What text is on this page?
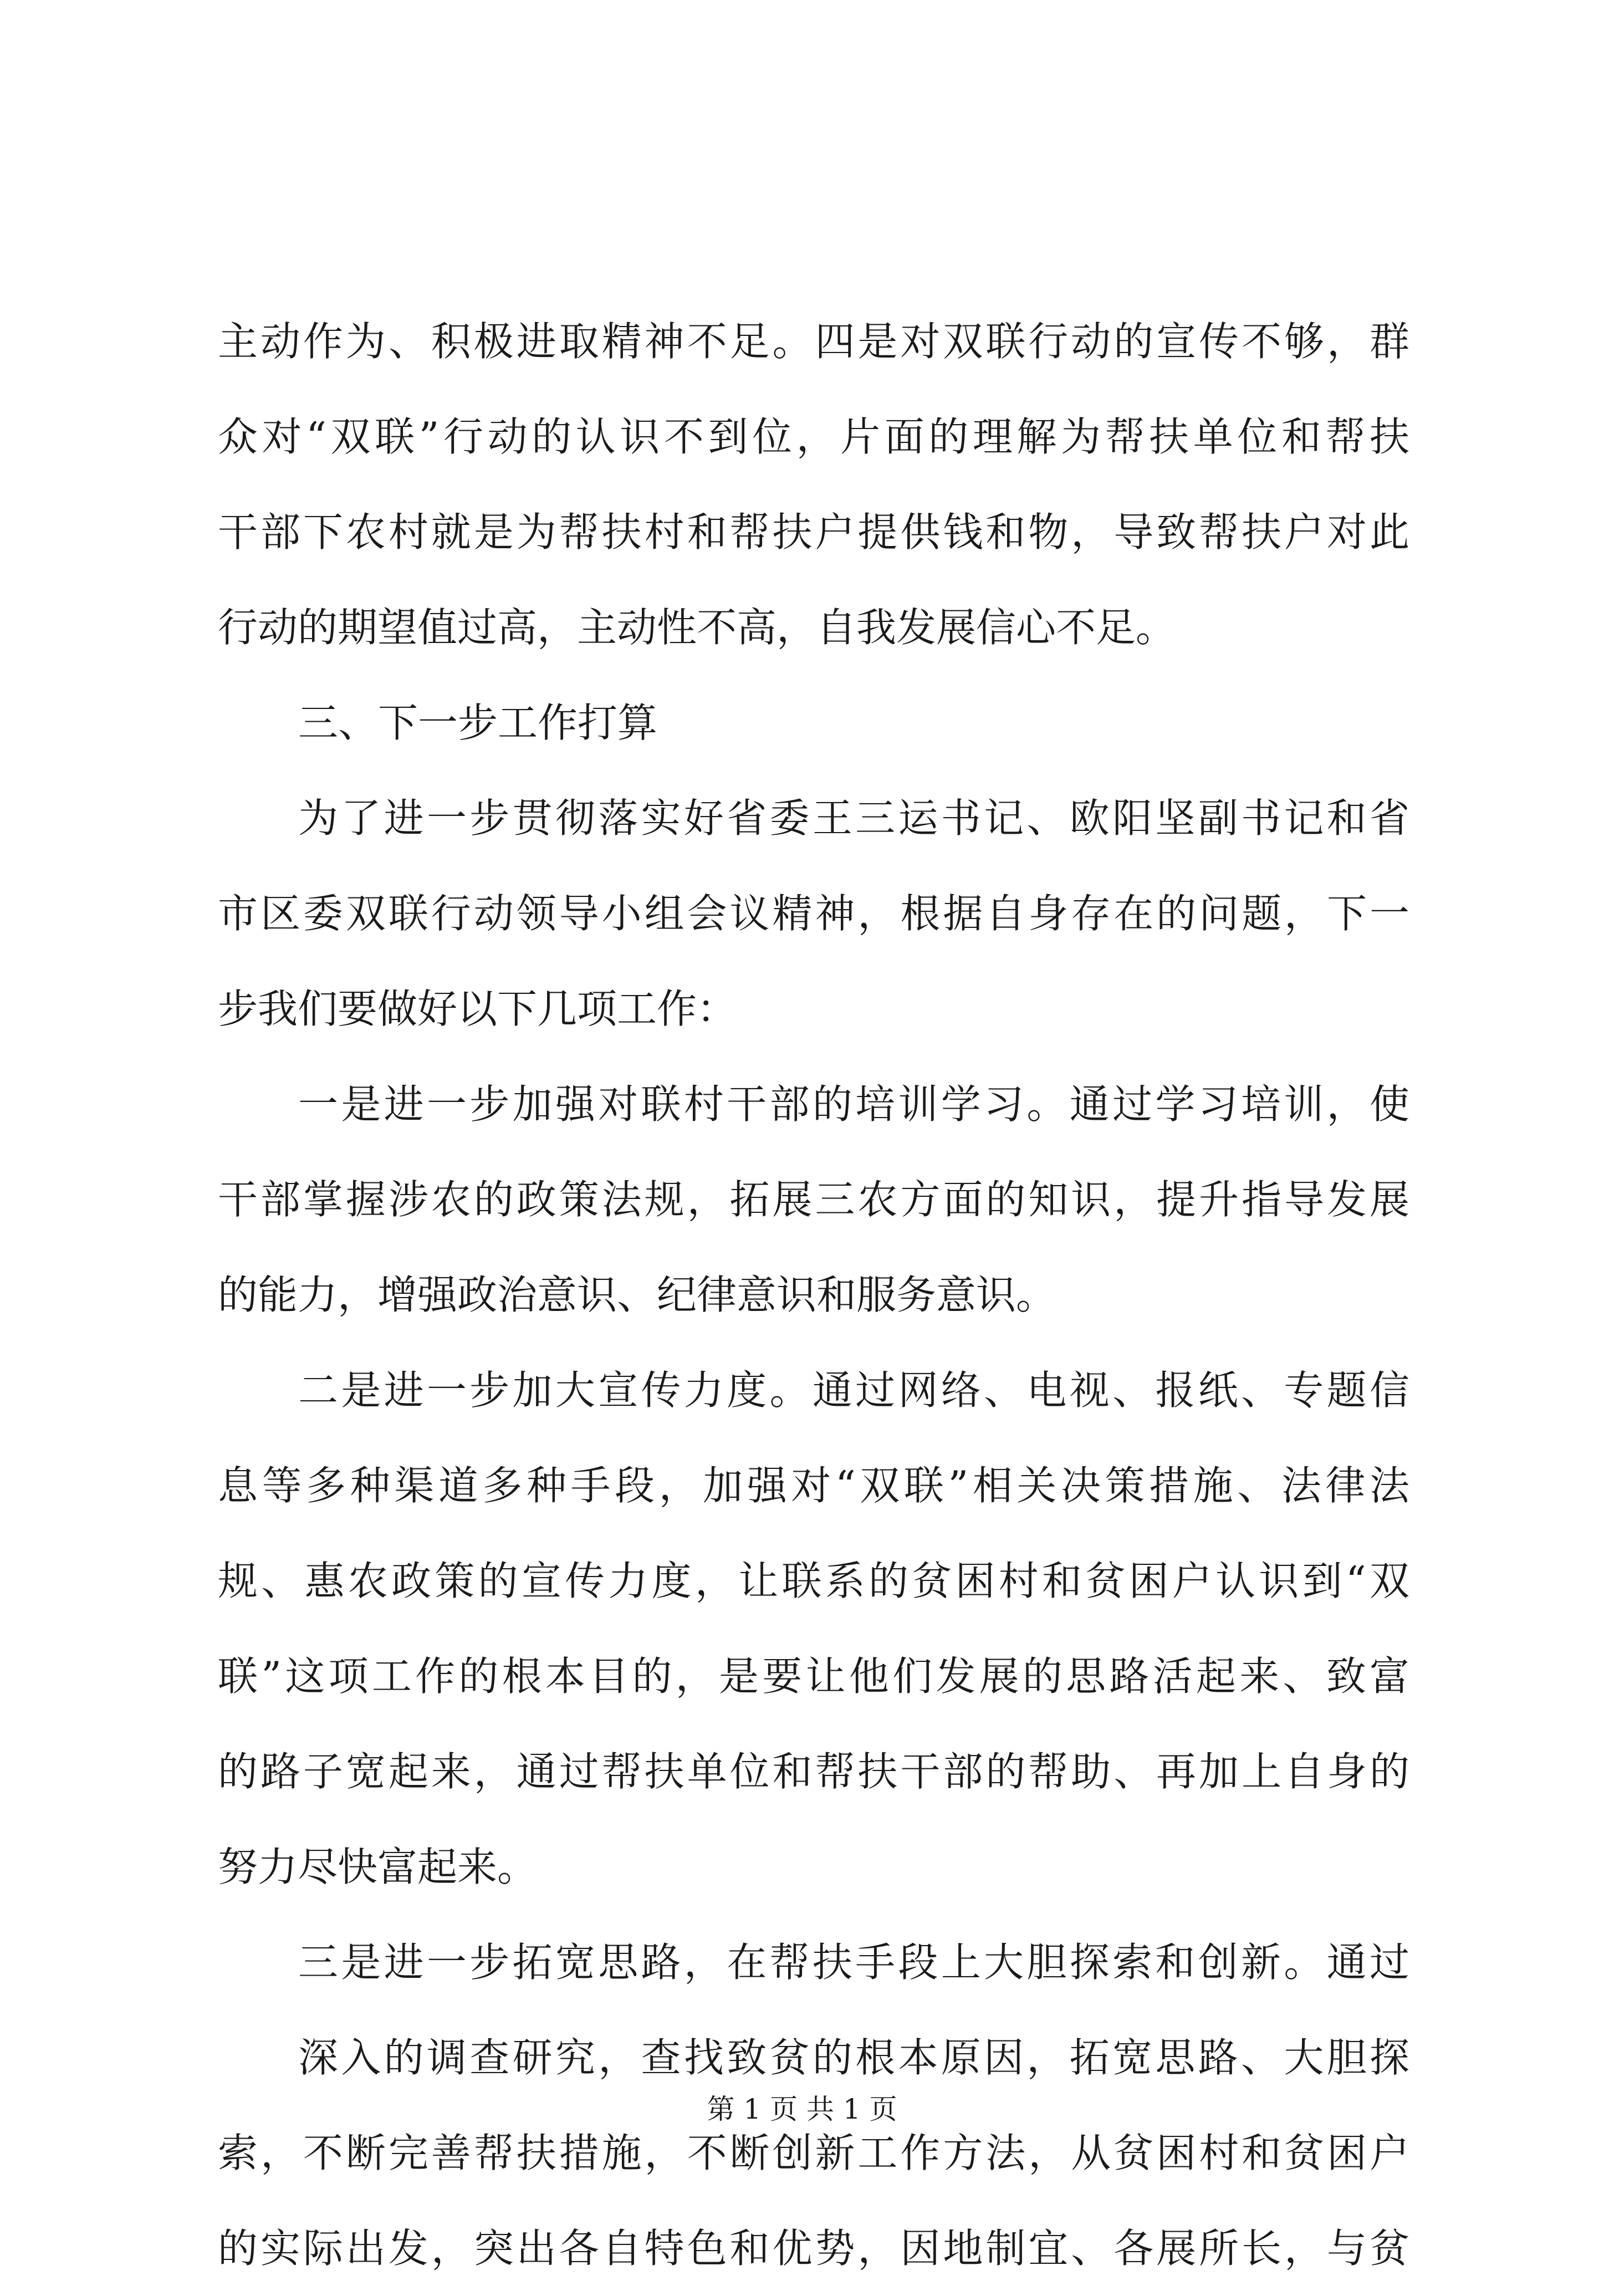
主动作为、积极进取精神不足。四是对双联行动的宣传不够，群
众对“双联”行动的认识不到位，片面的理解为帮扶单位和帮扶
干部下农村就是为帮扶村和帮扶户提供钱和物，导致帮扶户对此
行动的期望值过高，主动性不高，自我发展信心不足。
三、下一步工作打算
为了进一步贯彻落实好省委王三运书记、欧阳坚副书记和省
市区委双联行动领导小组会议精神，根据自身存在的问题，下一
步我们要做好以下几项工作：
一是进一步加强对联村干部的培训学习。通过学习培训，使
干部掌握涉农的政策法规，拓展三农方面的知识，提升指导发展
的能力，增强政治意识、纪律意识和服务意识。
二是进一步加大宣传力度。通过网络、电视、报纸、专题信
息等多种渠道多种手段，加强对“双联”相关决策措施、法律法
规、惠农政策的宣传力度，让联系的贫困村和贫困户认识到“双
联”这项工作的根本目的，是要让他们发展的思路活起来、致富
的路子宽起来，通过帮扶单位和帮扶干部的帮助、再加上自身的
努力尽快富起来。
三是进一步拓宽思路，在帮扶手段上大胆探索和创新。通过
深入的调查研究，查找致贫的根本原因，拓宽思路、大胆探
索，不断完善帮扶措施，不断创新工作方法，从贫困村和贫困户
的实际出发，突出各自特色和优势，因地制宜、各展所长，与贫
第 1 页 共 1 页
